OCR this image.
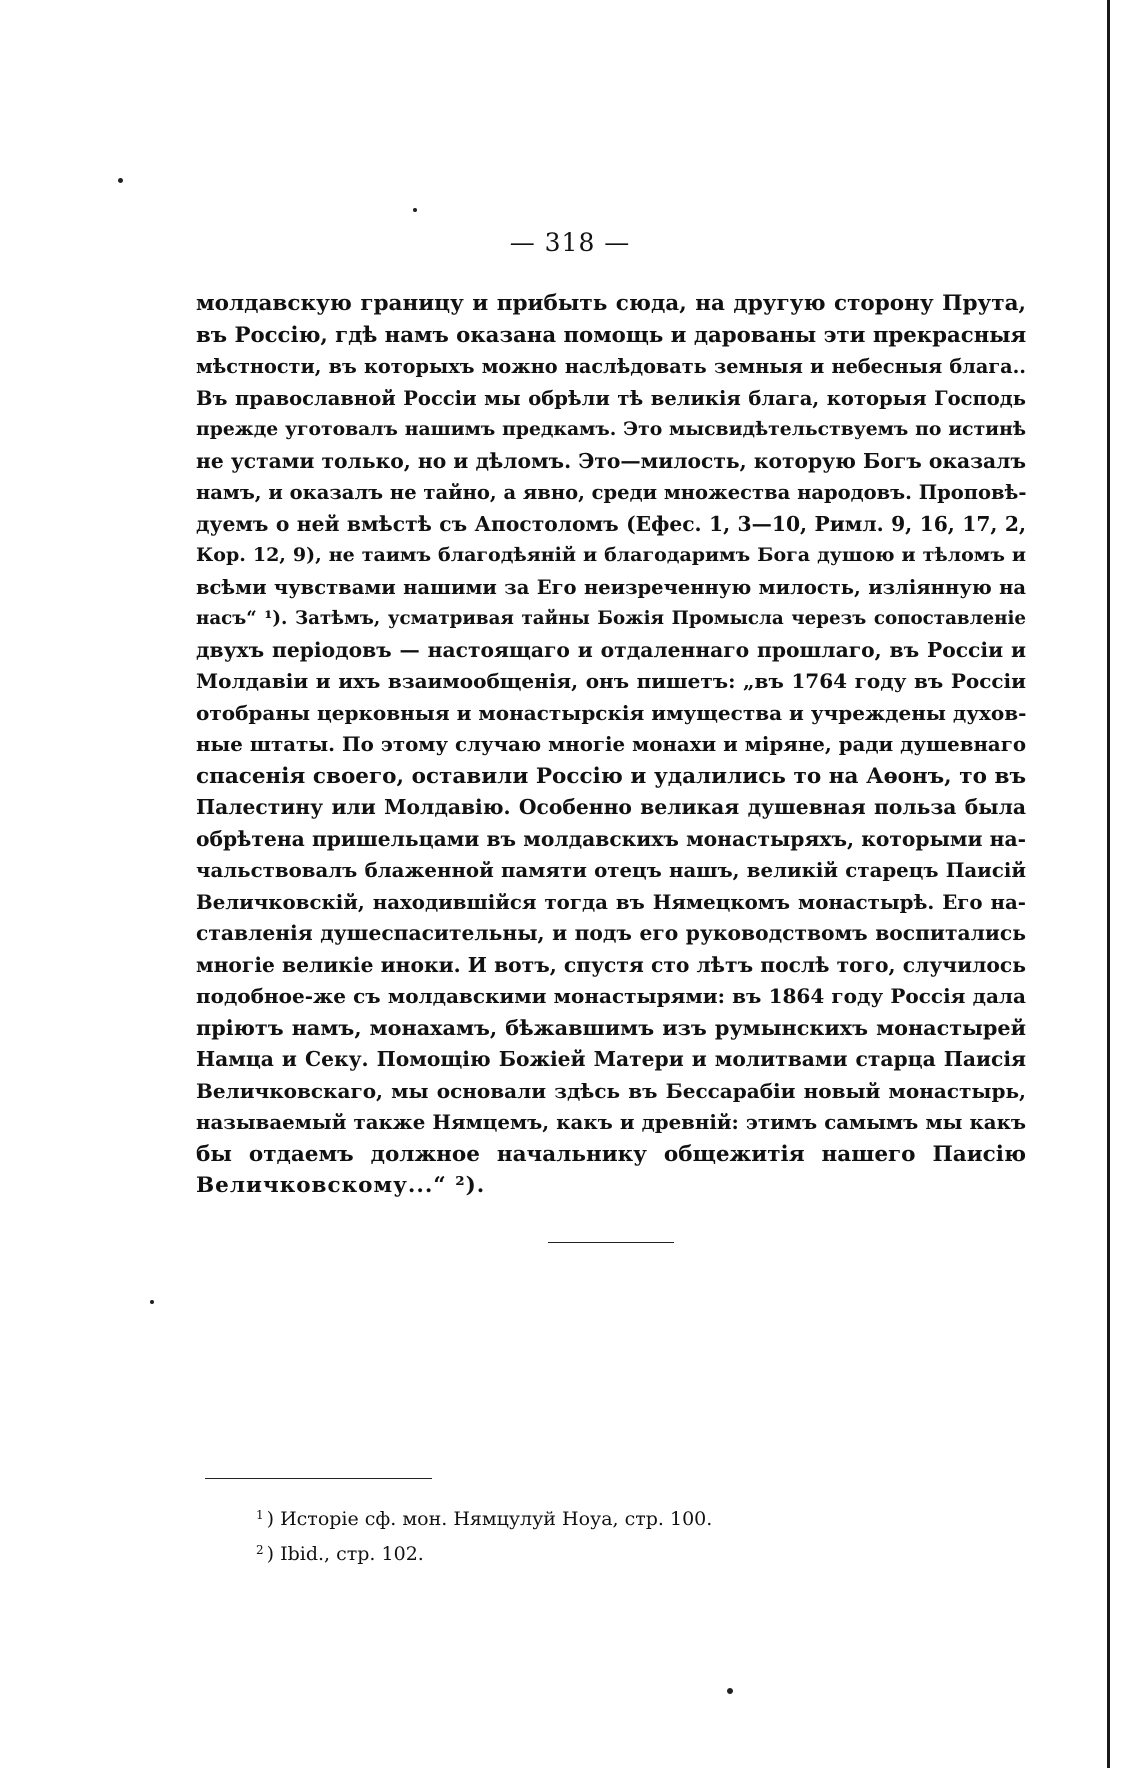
— 318 —
молдавскую границу и прибыть сюда, на другую сторону Прута,
въ Россію, гдѣ намъ оказана помощь и дарованы эти прекрасныя
мѣстности, въ которыхъ можно наслѣдовать земныя и небесныя блага..
Въ православной Россіи мы обрѣли тѣ великія блага, которыя Господь
прежде уготовалъ нашимъ предкамъ. Это мысвидѣтельствуемъ по истинѣ
не устами только, но и дѣломъ. Это—милость, которую Богъ оказалъ
намъ, и оказалъ не тайно, а явно, среди множества народовъ. Проповѣ-
дуемъ о ней вмѣстѣ съ Апостоломъ (Ефес. 1, 3—10, Римл. 9, 16, 17, 2,
Кор. 12, 9), не таимъ благодѣяній и благодаримъ Бога душою и тѣломъ и
всѣми чувствами нашими за Его неизреченную милость, изліянную на
насъ“ ¹). Затѣмъ, усматривая тайны Божія Промысла черезъ сопоставленіе
двухъ періодовъ — настоящаго и отдаленнаго прошлаго, въ Россіи и
Молдавіи и ихъ взаимообщенія, онъ пишетъ: „въ 1764 году въ Россіи
отобраны церковныя и монастырскія имущества и учреждены духов-
ные штаты. По этому случаю многіе монахи и міряне, ради душевнаго
спасенія своего, оставили Россію и удалились то на Аѳонъ, то въ
Палестину или Молдавію. Особенно великая душевная польза была
обрѣтена пришельцами въ молдавскихъ монастыряхъ, которыми на-
чальствовалъ блаженной памяти отецъ нашъ, великій старецъ Паисій
Величковскій, находившійся тогда въ Нямецкомъ монастырѣ. Его на-
ставленія душеспасительны, и подъ его руководствомъ воспитались
многіе великіе иноки. И вотъ, спустя сто лѣтъ послѣ того, случилось
подобное-же съ молдавскими монастырями: въ 1864 году Россія дала
пріютъ намъ, монахамъ, бѣжавшимъ изъ румынскихъ монастырей
Намца и Секу. Помощію Божіей Матери и молитвами старца Паисія
Величковскаго, мы основали здѣсь въ Бессарабіи новый монастырь,
называемый также Нямцемъ, какъ и древній: этимъ самымъ мы какъ
бы отдаемъ должное начальнику общежитія нашего Паисію
Величковскому...“ ²).
$^1$ ) Исторіе сф. мон. Нямцулуй Ноуа, стр. 100.
$^2$ ) Ibid., стр. 102.
